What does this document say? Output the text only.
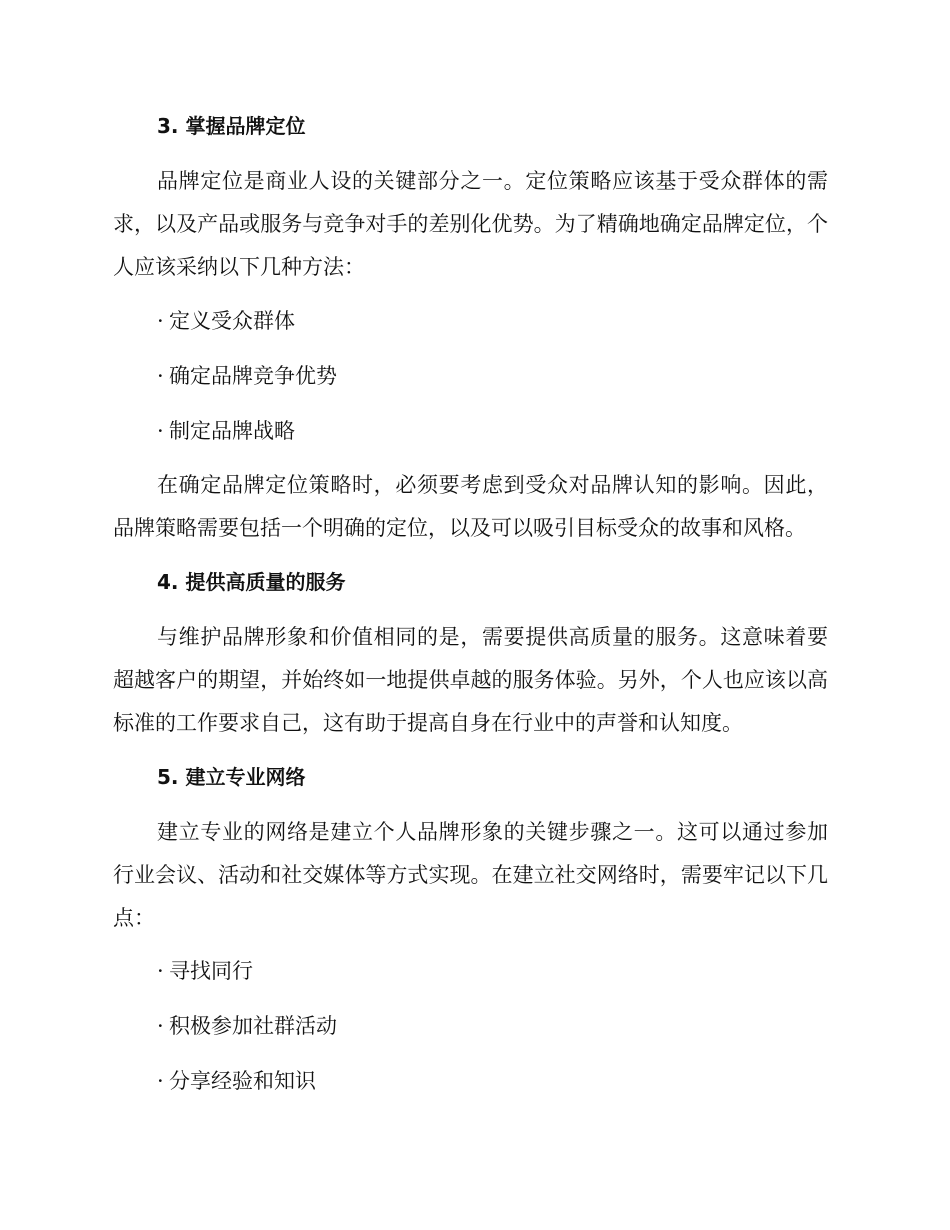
3. 掌握品牌定位

品牌定位是商业人设的关键部分之一。定位策略应该基于受众群体的需求，以及产品或服务与竞争对手的差别化优势。为了精确地确定品牌定位，个人应该采纳以下几种方法：

· 定义受众群体
· 确定品牌竞争优势
· 制定品牌战略

在确定品牌定位策略时，必须要考虑到受众对品牌认知的影响。因此，品牌策略需要包括一个明确的定位，以及可以吸引目标受众的故事和风格。

4. 提供高质量的服务

与维护品牌形象和价值相同的是，需要提供高质量的服务。这意味着要超越客户的期望，并始终如一地提供卓越的服务体验。另外，个人也应该以高标准的工作要求自己，这有助于提高自身在行业中的声誉和认知度。

5. 建立专业网络

建立专业的网络是建立个人品牌形象的关键步骤之一。这可以通过参加行业会议、活动和社交媒体等方式实现。在建立社交网络时，需要牢记以下几点：

· 寻找同行
· 积极参加社群活动
· 分享经验和知识
